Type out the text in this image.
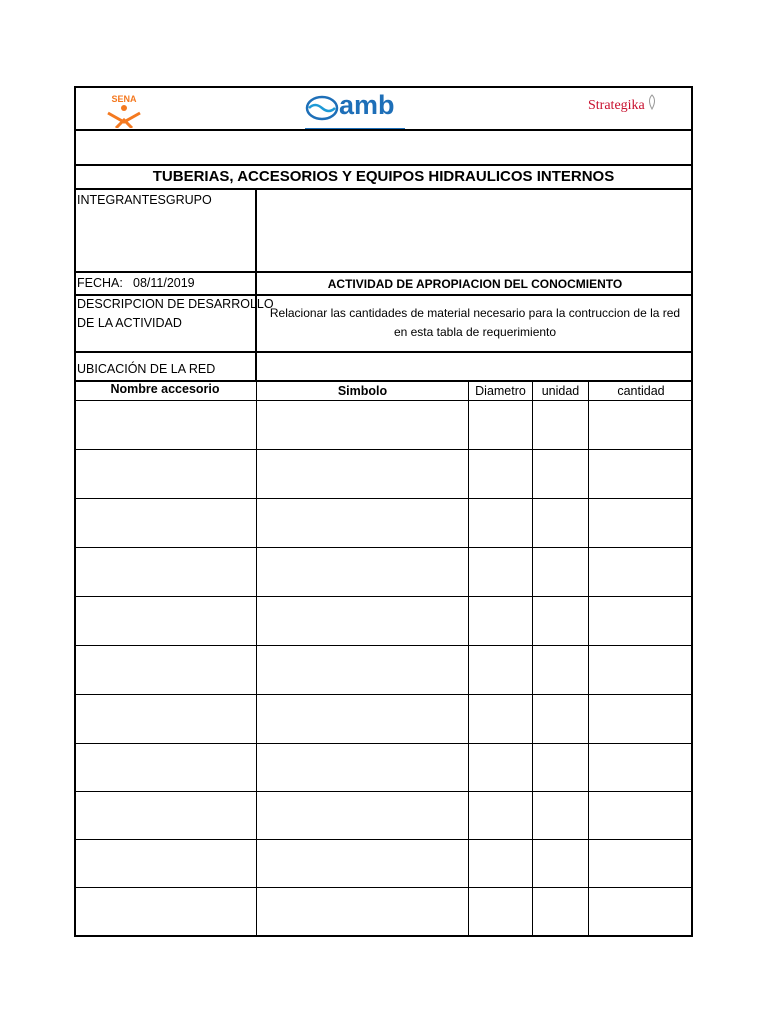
SENA	amb	Strategika
TUBERIAS, ACCESORIOS Y EQUIPOS HIDRAULICOS INTERNOS
INTEGRANTESGRUPO
FECHA: 08/11/2019	ACTIVIDAD DE APROPIACION DEL CONOCMIENTO
DESCRIPCION DE DESARROLLO
DE LA ACTIVIDAD
Relacionar las cantidades de material necesario para la contruccion de la red
en esta tabla de requerimiento
UBICACIÓN DE LA RED
Nombre accesorio	Simbolo	Diametro	unidad	cantidad
